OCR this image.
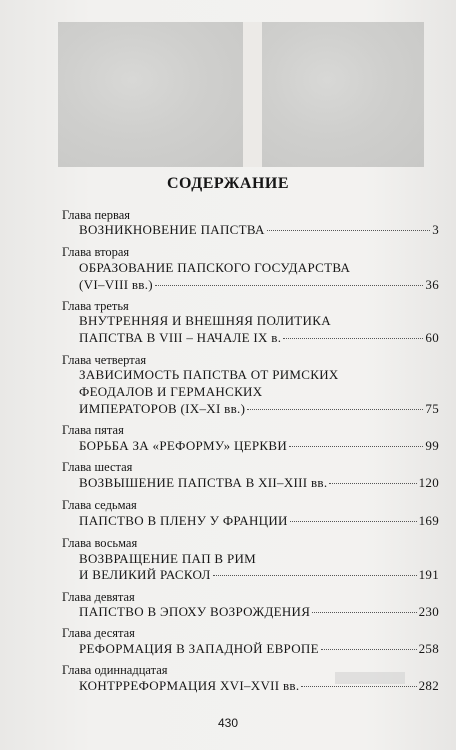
СОДЕРЖАНИЕ
Глава первая
ВОЗНИКНОВЕНИЕ ПАПСТВА	3
Глава вторая
ОБРАЗОВАНИЕ ПАПСКОГО ГОСУДАРСТВА
(VI–VIII вв.)	36
Глава третья
ВНУТРЕННЯЯ И ВНЕШНЯЯ ПОЛИТИКА
ПАПСТВА В VIII – НАЧАЛЕ IX в.	60
Глава четвертая
ЗАВИСИМОСТЬ ПАПСТВА ОТ РИМСКИХ
ФЕОДАЛОВ И ГЕРМАНСКИХ
ИМПЕРАТОРОВ (IX–XI вв.)	75
Глава пятая
БОРЬБА ЗА «РЕФОРМУ» ЦЕРКВИ	99
Глава шестая
ВОЗВЫШЕНИЕ ПАПСТВА В XII–XIII вв.	120
Глава седьмая
ПАПСТВО В ПЛЕНУ У ФРАНЦИИ	169
Глава восьмая
ВОЗВРАЩЕНИЕ ПАП В РИМ
И ВЕЛИКИЙ РАСКОЛ	191
Глава девятая
ПАПСТВО В ЭПОХУ ВОЗРОЖДЕНИЯ	230
Глава десятая
РЕФОРМАЦИЯ В ЗАПАДНОЙ ЕВРОПЕ	258
Глава одиннадцатая
КОНТРРЕФОРМАЦИЯ XVI–XVII вв.	282
430
